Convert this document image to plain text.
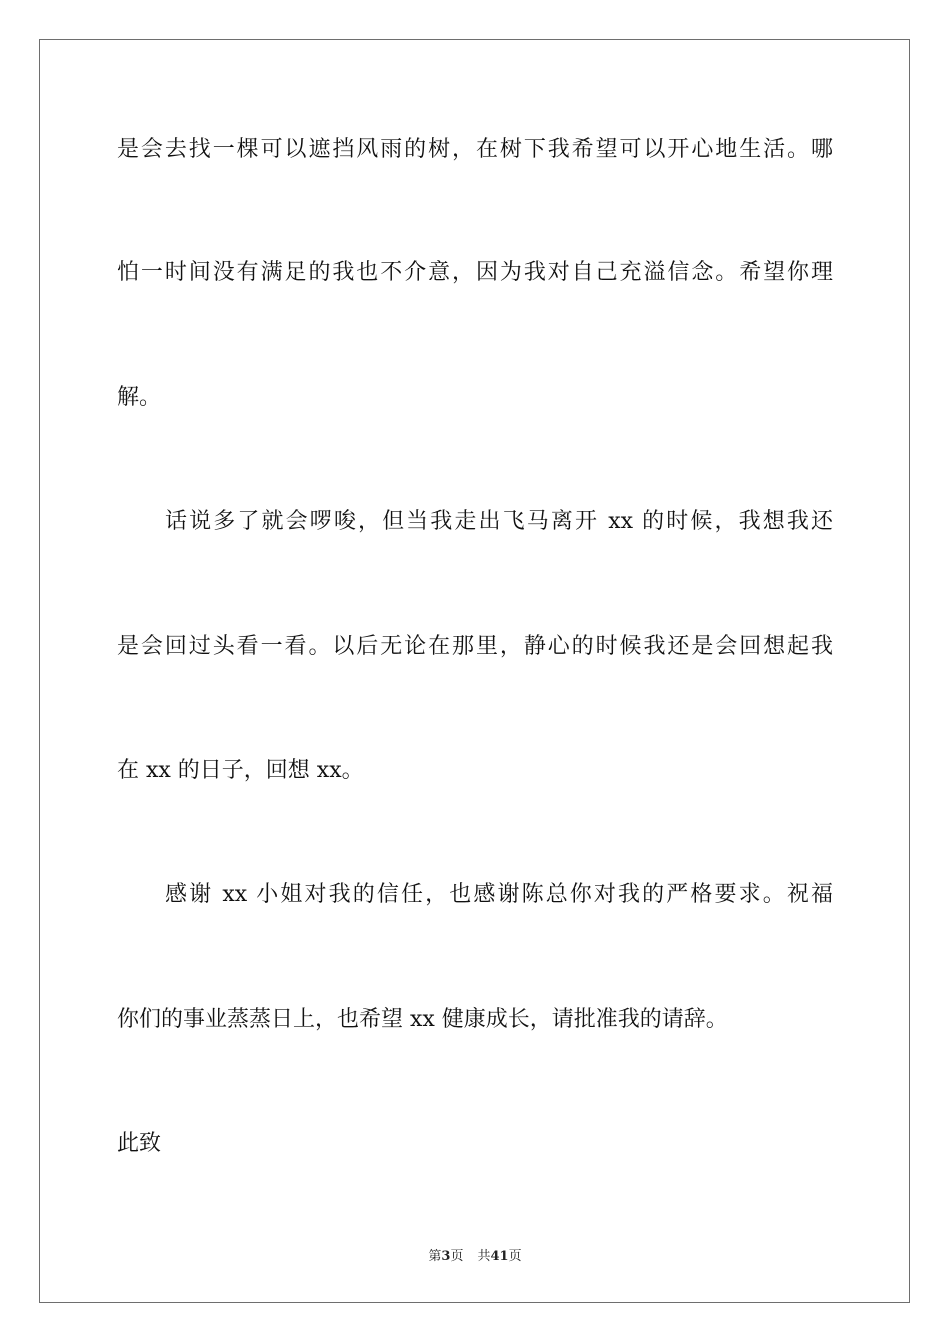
是会去找一棵可以遮挡风雨的树，在树下我希望可以开心地生活。哪
怕一时间没有满足的我也不介意，因为我对自己充溢信念。希望你理
解。
话说多了就会啰唆，但当我走出飞马离开 xx 的时候，我想我还
是会回过头看一看。以后无论在那里，静心的时候我还是会回想起我
在 xx 的日子，回想 xx。
感谢 xx 小姐对我的信任，也感谢陈总你对我的严格要求。祝福
你们的事业蒸蒸日上，也希望 xx 健康成长，请批准我的请辞。
此致
第3页 共41页
